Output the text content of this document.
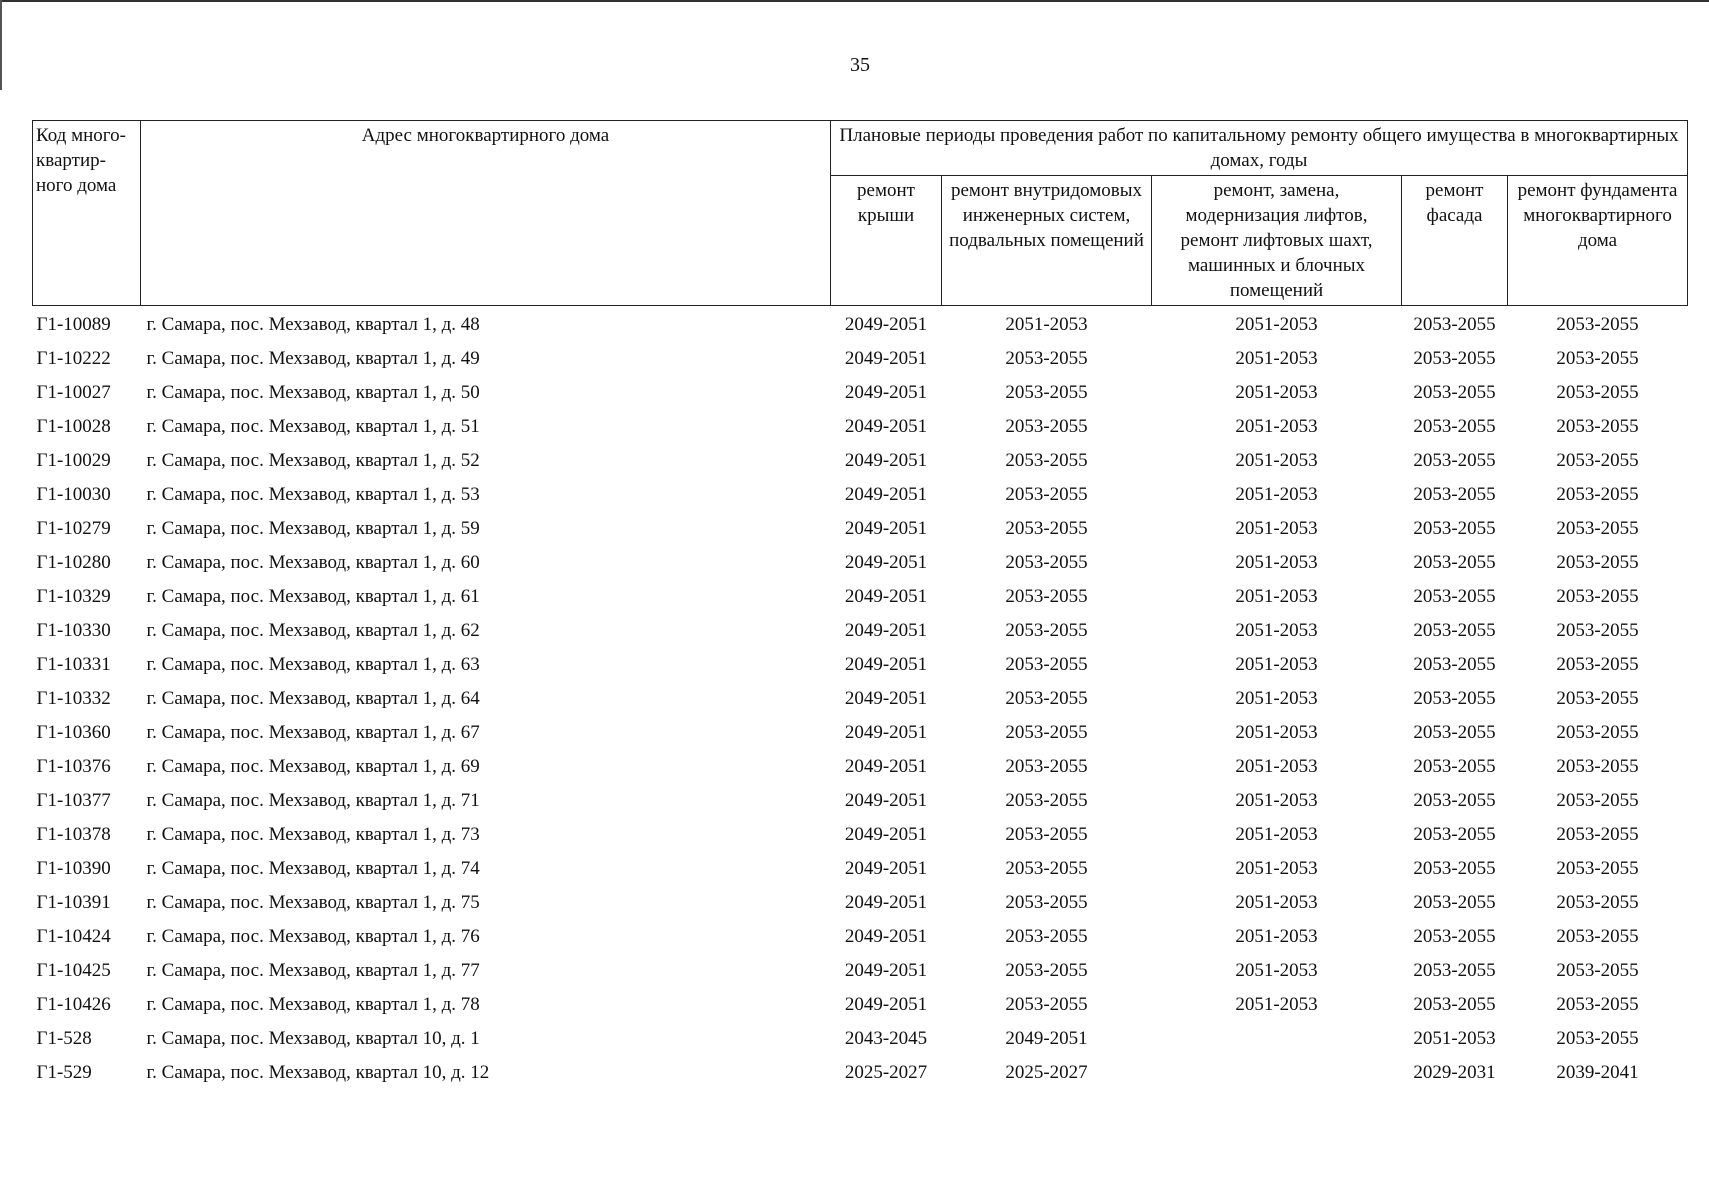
35
Код много-квартир-ного дома	Адрес многоквартирного дома	Плановые периоды проведения работ по капитальному ремонту общего имущества в многоквартирных домах, годы				
		ремонт крыши	ремонт внутридомовых инженерных систем, подвальных помещений	ремонт, замена, модернизация лифтов, ремонт лифтовых шахт, машинных и блочных помещений	ремонт фасада	ремонт фундамента многоквартирного дома
Г1-10089	г. Самара, пос. Мехзавод, квартал 1, д. 48	2049-2051	2051-2053	2051-2053	2053-2055	2053-2055
Г1-10222	г. Самара, пос. Мехзавод, квартал 1, д. 49	2049-2051	2053-2055	2051-2053	2053-2055	2053-2055
Г1-10027	г. Самара, пос. Мехзавод, квартал 1, д. 50	2049-2051	2053-2055	2051-2053	2053-2055	2053-2055
Г1-10028	г. Самара, пос. Мехзавод, квартал 1, д. 51	2049-2051	2053-2055	2051-2053	2053-2055	2053-2055
Г1-10029	г. Самара, пос. Мехзавод, квартал 1, д. 52	2049-2051	2053-2055	2051-2053	2053-2055	2053-2055
Г1-10030	г. Самара, пос. Мехзавод, квартал 1, д. 53	2049-2051	2053-2055	2051-2053	2053-2055	2053-2055
Г1-10279	г. Самара, пос. Мехзавод, квартал 1, д. 59	2049-2051	2053-2055	2051-2053	2053-2055	2053-2055
Г1-10280	г. Самара, пос. Мехзавод, квартал 1, д. 60	2049-2051	2053-2055	2051-2053	2053-2055	2053-2055
Г1-10329	г. Самара, пос. Мехзавод, квартал 1, д. 61	2049-2051	2053-2055	2051-2053	2053-2055	2053-2055
Г1-10330	г. Самара, пос. Мехзавод, квартал 1, д. 62	2049-2051	2053-2055	2051-2053	2053-2055	2053-2055
Г1-10331	г. Самара, пос. Мехзавод, квартал 1, д. 63	2049-2051	2053-2055	2051-2053	2053-2055	2053-2055
Г1-10332	г. Самара, пос. Мехзавод, квартал 1, д. 64	2049-2051	2053-2055	2051-2053	2053-2055	2053-2055
Г1-10360	г. Самара, пос. Мехзавод, квартал 1, д. 67	2049-2051	2053-2055	2051-2053	2053-2055	2053-2055
Г1-10376	г. Самара, пос. Мехзавод, квартал 1, д. 69	2049-2051	2053-2055	2051-2053	2053-2055	2053-2055
Г1-10377	г. Самара, пос. Мехзавод, квартал 1, д. 71	2049-2051	2053-2055	2051-2053	2053-2055	2053-2055
Г1-10378	г. Самара, пос. Мехзавод, квартал 1, д. 73	2049-2051	2053-2055	2051-2053	2053-2055	2053-2055
Г1-10390	г. Самара, пос. Мехзавод, квартал 1, д. 74	2049-2051	2053-2055	2051-2053	2053-2055	2053-2055
Г1-10391	г. Самара, пос. Мехзавод, квартал 1, д. 75	2049-2051	2053-2055	2051-2053	2053-2055	2053-2055
Г1-10424	г. Самара, пос. Мехзавод, квартал 1, д. 76	2049-2051	2053-2055	2051-2053	2053-2055	2053-2055
Г1-10425	г. Самара, пос. Мехзавод, квартал 1, д. 77	2049-2051	2053-2055	2051-2053	2053-2055	2053-2055
Г1-10426	г. Самара, пос. Мехзавод, квартал 1, д. 78	2049-2051	2053-2055	2051-2053	2053-2055	2053-2055
Г1-528	г. Самара, пос. Мехзавод, квартал 10, д. 1	2043-2045	2049-2051		2051-2053	2053-2055
Г1-529	г. Самара, пос. Мехзавод, квартал 10, д. 12	2025-2027	2025-2027		2029-2031	2039-2041
